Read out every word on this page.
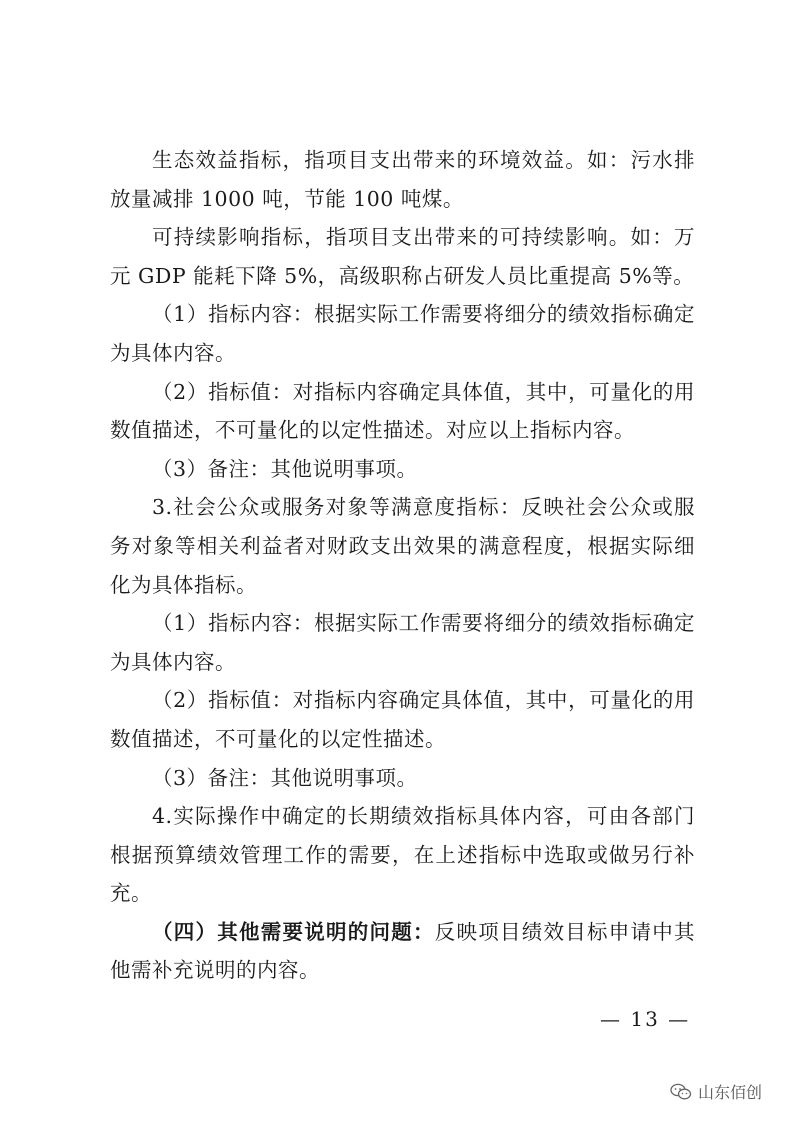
生态效益指标，指项目支出带来的环境效益。如：污水排放量减排 1000 吨，节能 100 吨煤。

可持续影响指标，指项目支出带来的可持续影响。如：万元 GDP 能耗下降 5%，高级职称占研发人员比重提高 5%等。

（1）指标内容：根据实际工作需要将细分的绩效指标确定为具体内容。

（2）指标值：对指标内容确定具体值，其中，可量化的用数值描述，不可量化的以定性描述。对应以上指标内容。

（3）备注：其他说明事项。

3.社会公众或服务对象等满意度指标：反映社会公众或服务对象等相关利益者对财政支出效果的满意程度，根据实际细化为具体指标。

（1）指标内容：根据实际工作需要将细分的绩效指标确定为具体内容。

（2）指标值：对指标内容确定具体值，其中，可量化的用数值描述，不可量化的以定性描述。

（3）备注：其他说明事项。

4.实际操作中确定的长期绩效指标具体内容，可由各部门根据预算绩效管理工作的需要，在上述指标中选取或做另行补充。

（四）其他需要说明的问题：反映项目绩效目标申请中其他需补充说明的内容。

— 13 —
山东佰创
